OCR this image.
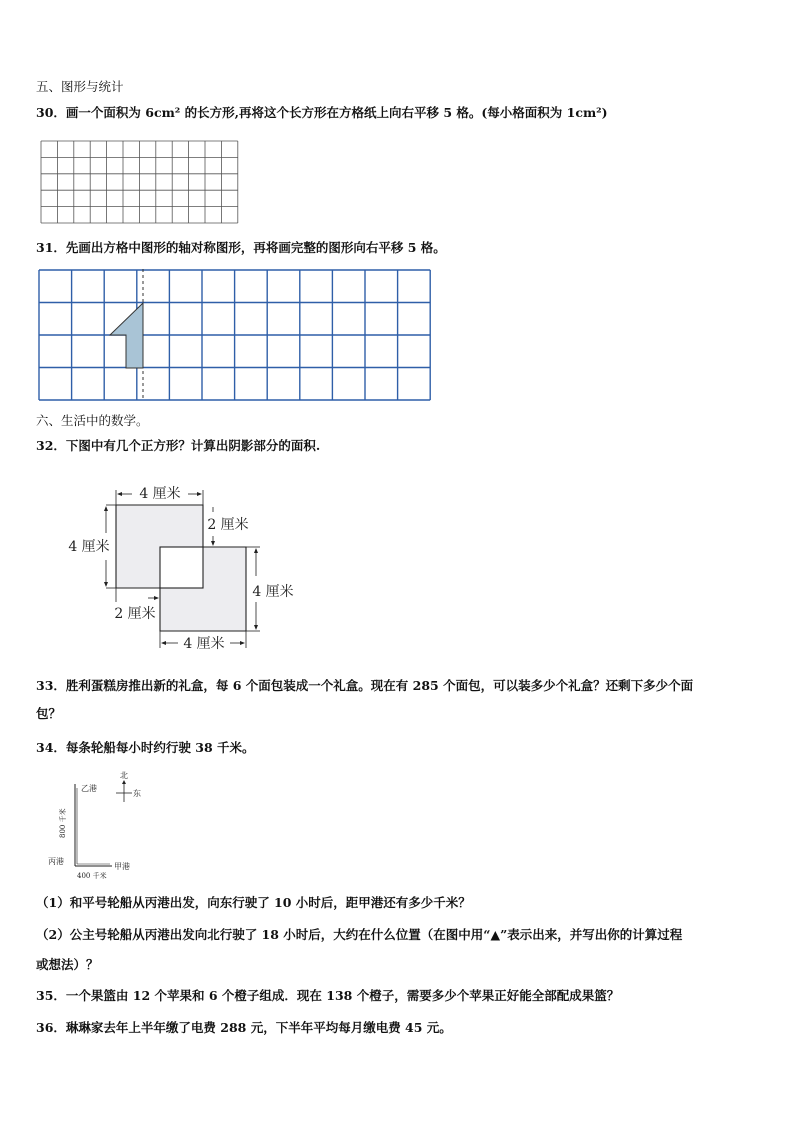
五、图形与统计
30．画一个面积为 6cm² 的长方形,再将这个长方形在方格纸上向右平移 5 格。(每小格面积为 1cm²)
31．先画出方格中图形的轴对称图形，再将画完整的图形向右平移 5 格。
六、生活中的数学。
32．下图中有几个正方形？计算出阴影部分的面积.
4 厘米
4 厘米
2 厘米
4 厘米
2 厘米
4 厘米
33．胜利蛋糕房推出新的礼盒，每 6 个面包装成一个礼盒。现在有 285 个面包，可以装多少个礼盒？还剩下多少个面
包？
34．每条轮船每小时约行驶 38 千米。
北
东
乙港
丙港
甲港
800 千米
400 千米
（1）和平号轮船从丙港出发，向东行驶了 10 小时后，距甲港还有多少千米？
（2）公主号轮船从丙港出发向北行驶了 18 小时后，大约在什么位置（在图中用“▲”表示出来，并写出你的计算过程
或想法）？
35．一个果篮由 12 个苹果和 6 个橙子组成．现在 138 个橙子，需要多少个苹果正好能全部配成果篮？
36．琳琳家去年上半年缴了电费 288 元，下半年平均每月缴电费 45 元。
